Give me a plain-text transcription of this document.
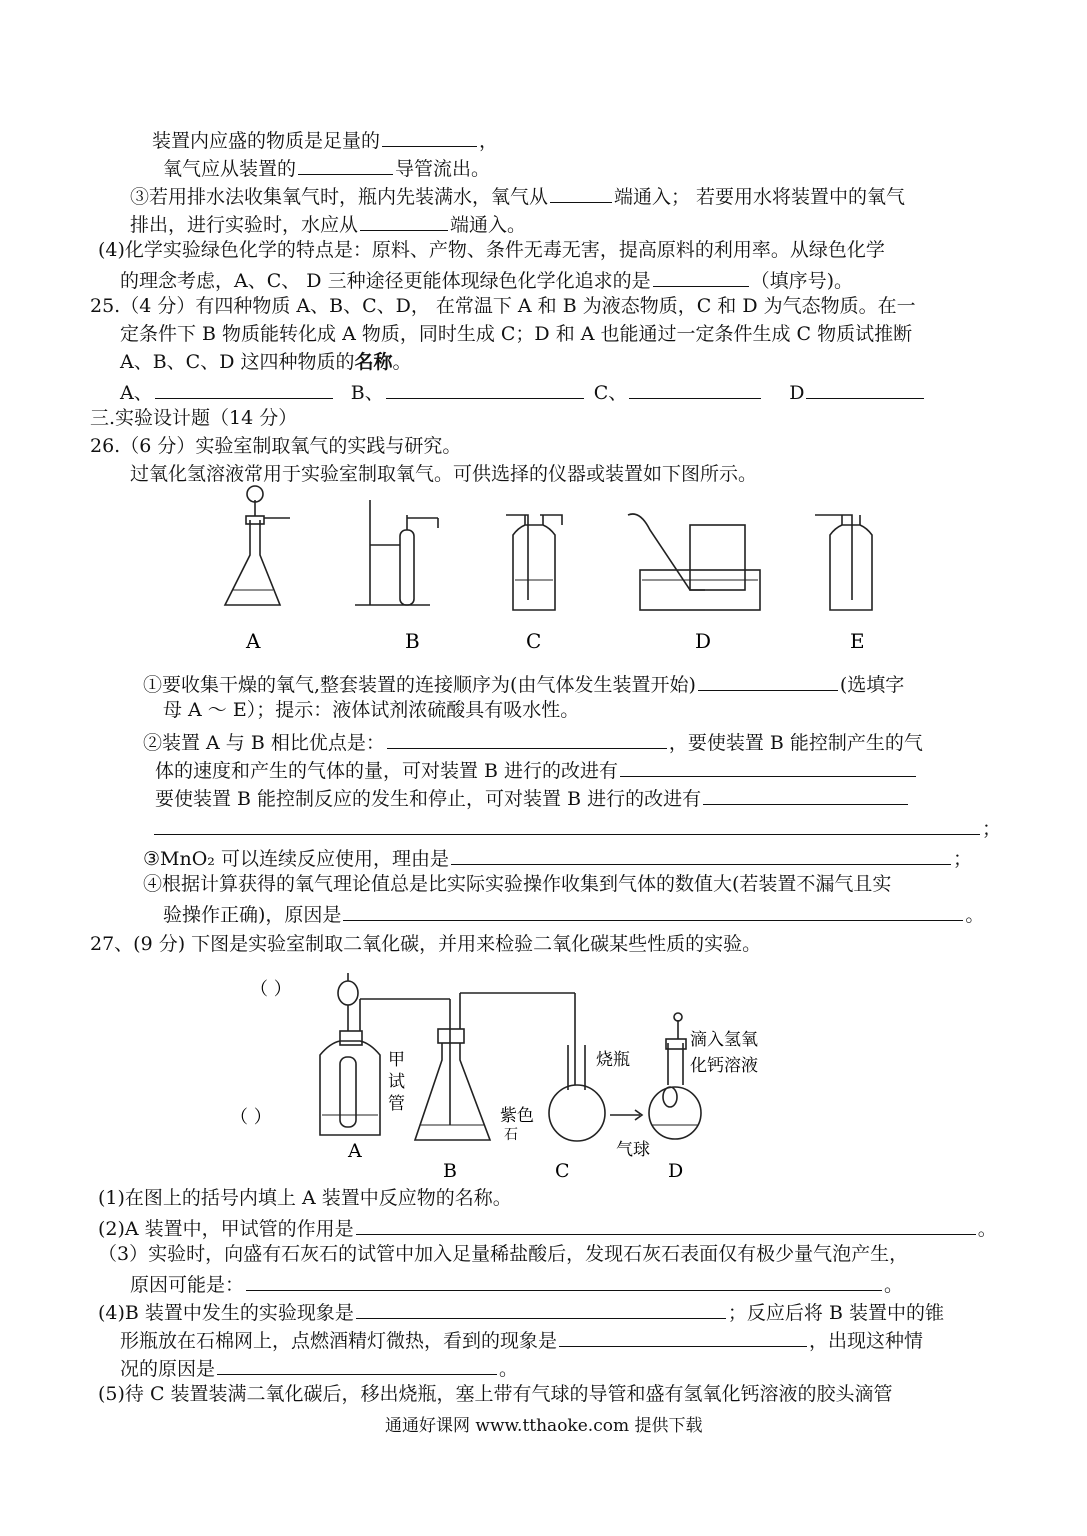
装置内应盛的物质是足量的	，
氧气应从装置的	导管流出。
③若用排水法收集氧气时，瓶内先装满水，氧气从	端通入； 若要用水将装置中的氧气
排出，进行实验时，水应从	端通入。
(4)化学实验绿色化学的特点是：原料、产物、条件无毒无害，提高原料的利用率。从绿色化学
的理念考虑，A、C、 D 三种途径更能体现绿色化学化追求的是	（填序号)。
25.（4 分）有四种物质 A、B、C、D， 在常温下 A 和 B 为液态物质，C 和 D 为气态物质。在一
定条件下 B 物质能转化成 A 物质，同时生成 C；D 和 A 也能通过一定条件生成 C 物质试推断
A、B、C、D 这四种物质的名称。
A、	B、	C、	D
三.实验设计题（14 分）
26.（6 分）实验室制取氧气的实践与研究。
过氧化氢溶液常用于实验室制取氧气。可供选择的仪器或装置如下图所示。
A	B	C	D	E
①要收集干燥的氧气,整套装置的连接顺序为(由气体发生装置开始)	(选填字
母 A ～ E）；提示：液体试剂浓硫酸具有吸水性。
②装置 A 与 B 相比优点是：	，要使装置 B 能控制产生的气
体的速度和产生的气体的量，可对装置 B 进行的改进有
要使装置 B 能控制反应的发生和停止，可对装置 B 进行的改进有
；
③MnO₂ 可以连续反应使用，理由是	；
④根据计算获得的氧气理论值总是比实际实验操作收集到气体的数值大(若装置不漏气且实
验操作正确)，原因是	。
27、(9 分) 下图是实验室制取二氧化碳，并用来检验二氧化碳某些性质的实验。
（ ）
（ ）
甲
试
管
紫色
石
烧瓶
滴入氢氧
化钙溶液
气球
A
B	C	D
(1)在图上的括号内填上 A 装置中反应物的名称。
(2)A 装置中，甲试管的作用是	。
（3）实验时，向盛有石灰石的试管中加入足量稀盐酸后，发现石灰石表面仅有极少量气泡产生，
原因可能是：	。
(4)B 装置中发生的实验现象是	；反应后将 B 装置中的锥
形瓶放在石棉网上，点燃酒精灯微热，看到的现象是	，出现这种情
况的原因是	。
(5)待 C 装置装满二氧化碳后，移出烧瓶，塞上带有气球的导管和盛有氢氧化钙溶液的胶头滴管
通通好课网 www.tthaoke.com 提供下载
